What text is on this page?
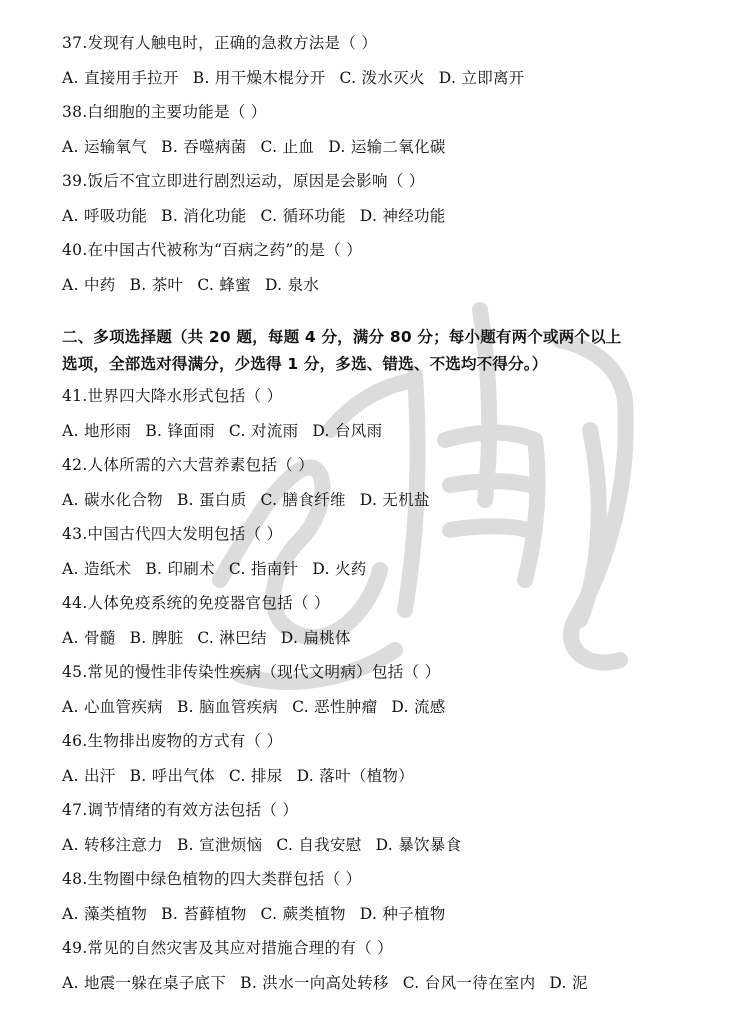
37.发现有人触电时，正确的急救方法是（ ）
A. 直接用手拉开 B. 用干燥木棍分开 C. 泼水灭火 D. 立即离开
38.白细胞的主要功能是（ ）
A. 运输氧气 B. 吞噬病菌 C. 止血 D. 运输二氧化碳
39.饭后不宜立即进行剧烈运动，原因是会影响（ ）
A. 呼吸功能 B. 消化功能 C. 循环功能 D. 神经功能
40.在中国古代被称为“百病之药”的是（ ）
A. 中药 B. 茶叶 C. 蜂蜜 D. 泉水
二、多项选择题（共 20 题，每题 4 分，满分 80 分；每小题有两个或两个以上
选项，全部选对得满分，少选得 1 分，多选、错选、不选均不得分。）
41.世界四大降水形式包括（ ）
A. 地形雨 B. 锋面雨 C. 对流雨 D. 台风雨
42.人体所需的六大营养素包括（ ）
A. 碳水化合物 B. 蛋白质 C. 膳食纤维 D. 无机盐
43.中国古代四大发明包括（ ）
A. 造纸术 B. 印刷术 C. 指南针 D. 火药
44.人体免疫系统的免疫器官包括（ ）
A. 骨髓 B. 脾脏 C. 淋巴结 D. 扁桃体
45.常见的慢性非传染性疾病（现代文明病）包括（ ）
A. 心血管疾病 B. 脑血管疾病 C. 恶性肿瘤 D. 流感
46.生物排出废物的方式有（ ）
A. 出汗 B. 呼出气体 C. 排尿 D. 落叶（植物）
47.调节情绪的有效方法包括（ ）
A. 转移注意力 B. 宣泄烦恼 C. 自我安慰 D. 暴饮暴食
48.生物圈中绿色植物的四大类群包括（ ）
A. 藻类植物 B. 苔藓植物 C. 蕨类植物 D. 种子植物
49.常见的自然灾害及其应对措施合理的有（ ）
A. 地震一躲在桌子底下 B. 洪水一向高处转移 C. 台风一待在室内 D. 泥
